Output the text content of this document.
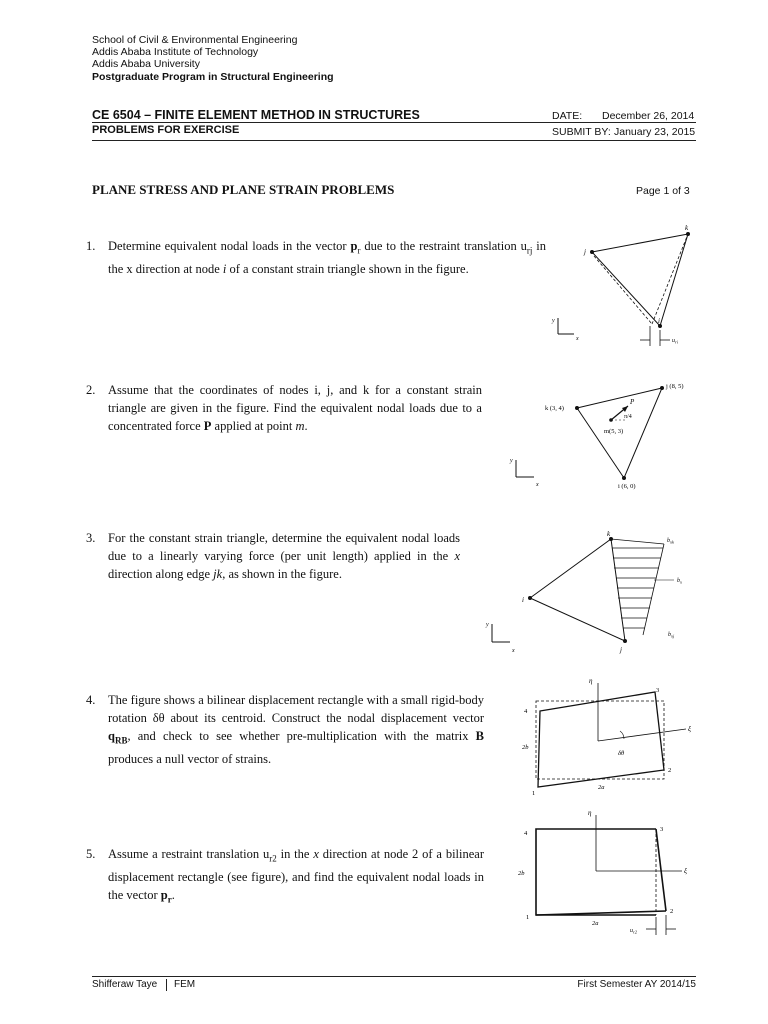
School of Civil & Environmental Engineering
Addis Ababa Institute of Technology
Addis Ababa University
Postgraduate Program in Structural Engineering
CE 6504 – FINITE ELEMENT METHOD IN STRUCTURES	DATE: December 26, 2014
PROBLEMS FOR EXERCISE	SUBMIT BY: January 23, 2015
PLANE STRESS AND PLANE STRAIN PROBLEMS	Page 1 of 3
1. Determine equivalent nodal loads in the vector $p_r$ due to the restraint translation $u_{rj}$ in the x direction at node i of a constant strain triangle shown in the figure.
j
k
i
y
x	$u_{ri}$
2. Assume that the coordinates of nodes i, j, and k for a constant strain triangle are given in the figure. Find the equivalent nodal loads due to a concentrated force P applied at point m.
P
π/4
m(5, 3)
k (3, 4)
j (8, 5)
i (6, 0)
y
x
3. For the constant strain triangle, determine the equivalent nodal loads due to a linearly varying force (per unit length) applied in the x direction along edge jk, as shown in the figure.
k
i
j
$b_{xk}$
$b_x$
$b_{xj}$
y
x
4. The figure shows a bilinear displacement rectangle with a small rigid-body rotation δθ about its centroid. Construct the nodal displacement vector $q_{RB}$, and check to see whether pre-multiplication with the matrix B produces a null vector of strains.
η
ξ
δθ
4
3
2
1
2a
2b
5. Assume a restraint translation $u_{r2}$ in the x direction at node 2 of a bilinear displacement rectangle (see figure), and find the equivalent nodal loads in the vector $p_r$.
η
ξ
4
3
2
1
2a
2b
$u_{r2}$
Shifferaw Taye FEM	First Semester AY 2014/15
